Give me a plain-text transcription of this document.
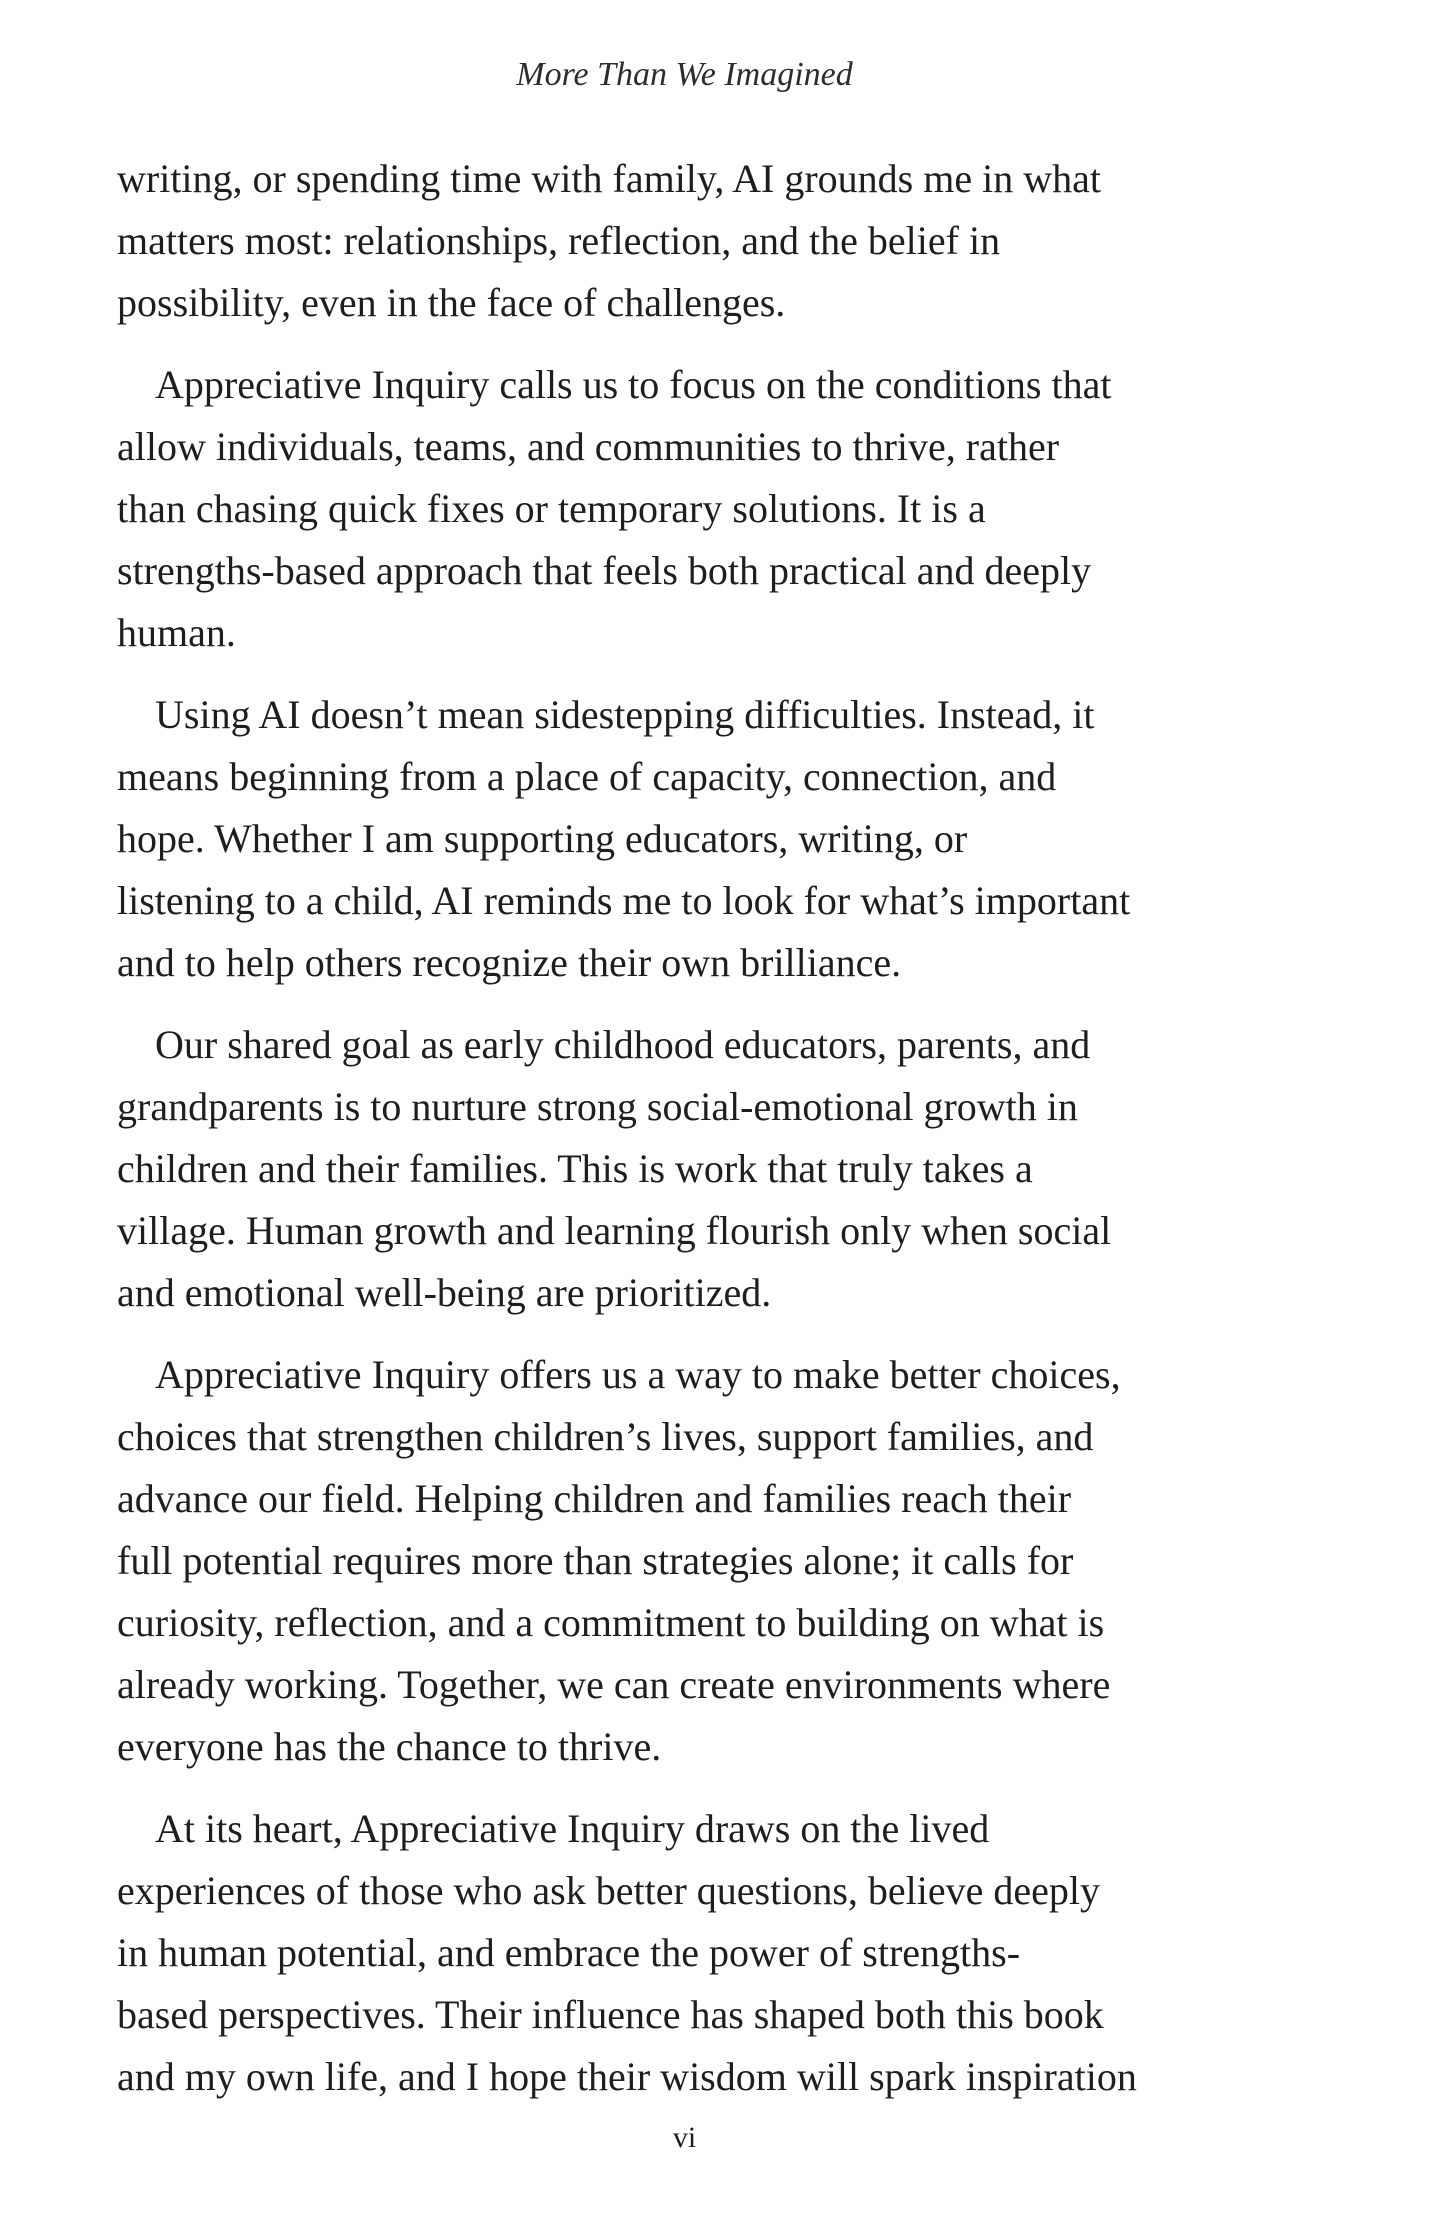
More Than We Imagined

writing, or spending time with family, AI grounds me in what
matters most: relationships, reflection, and the belief in
possibility, even in the face of challenges.

Appreciative Inquiry calls us to focus on the conditions that
allow individuals, teams, and communities to thrive, rather
than chasing quick fixes or temporary solutions. It is a
strengths-based approach that feels both practical and deeply
human.

Using AI doesn’t mean sidestepping difficulties. Instead, it
means beginning from a place of capacity, connection, and
hope. Whether I am supporting educators, writing, or
listening to a child, AI reminds me to look for what’s important
and to help others recognize their own brilliance.

Our shared goal as early childhood educators, parents, and
grandparents is to nurture strong social-emotional growth in
children and their families. This is work that truly takes a
village. Human growth and learning flourish only when social
and emotional well-being are prioritized.

Appreciative Inquiry offers us a way to make better choices,
choices that strengthen children’s lives, support families, and
advance our field. Helping children and families reach their
full potential requires more than strategies alone; it calls for
curiosity, reflection, and a commitment to building on what is
already working. Together, we can create environments where
everyone has the chance to thrive.

At its heart, Appreciative Inquiry draws on the lived
experiences of those who ask better questions, believe deeply
in human potential, and embrace the power of strengths-
based perspectives. Their influence has shaped both this book
and my own life, and I hope their wisdom will spark inspiration

vi
